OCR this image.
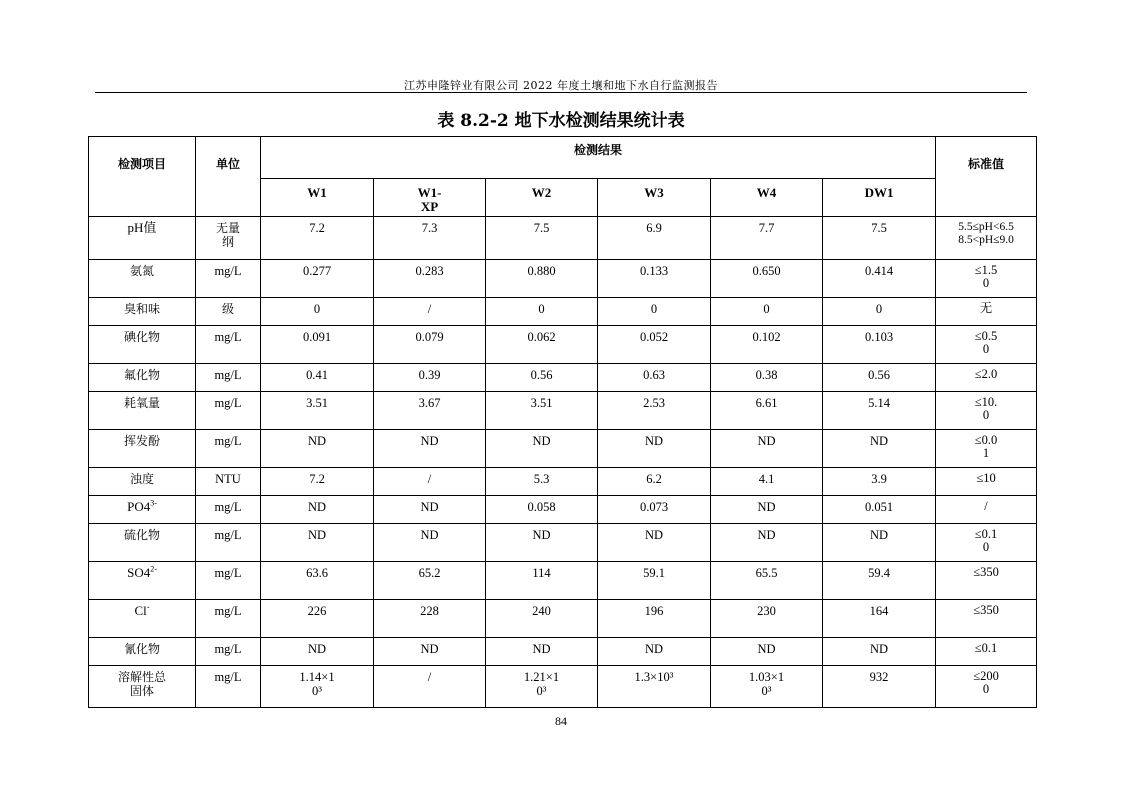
江苏申隆锌业有限公司 2022 年度土壤和地下水自行监测报告
表 8.2-2 地下水检测结果统计表
检测项目	单位	检测结果						标准值
		W1	W1-XP	W2	W3	W4	DW1	
pH值	无量纲	7.2	7.3	7.5	6.9	7.7	7.5	5.5≤pH<6.5 8.5<pH≤9.0
氨氮	mg/L	0.277	0.283	0.880	0.133	0.650	0.414	≤1.50
臭和味	级	0	/	0	0	0	0	无
碘化物	mg/L	0.091	0.079	0.062	0.052	0.102	0.103	≤0.50
氟化物	mg/L	0.41	0.39	0.56	0.63	0.38	0.56	≤2.0
耗氧量	mg/L	3.51	3.67	3.51	2.53	6.61	5.14	≤10.0
挥发酚	mg/L	ND	ND	ND	ND	ND	ND	≤0.01
浊度	NTU	7.2	/	5.3	6.2	4.1	3.9	≤10
$PO4^{3-}$	mg/L	ND	ND	0.058	0.073	ND	0.051	/
硫化物	mg/L	ND	ND	ND	ND	ND	ND	≤0.10
$SO4^{2-}$	mg/L	63.6	65.2	114	59.1	65.5	59.4	≤350
Cl-	mg/L	226	228	240	196	230	164	≤350
氰化物	mg/L	ND	ND	ND	ND	ND	ND	≤0.1
溶解性总固体	mg/L	1.14×10³	/	1.21×10³	1.3×10³	1.03×10³	932	≤2000
84
